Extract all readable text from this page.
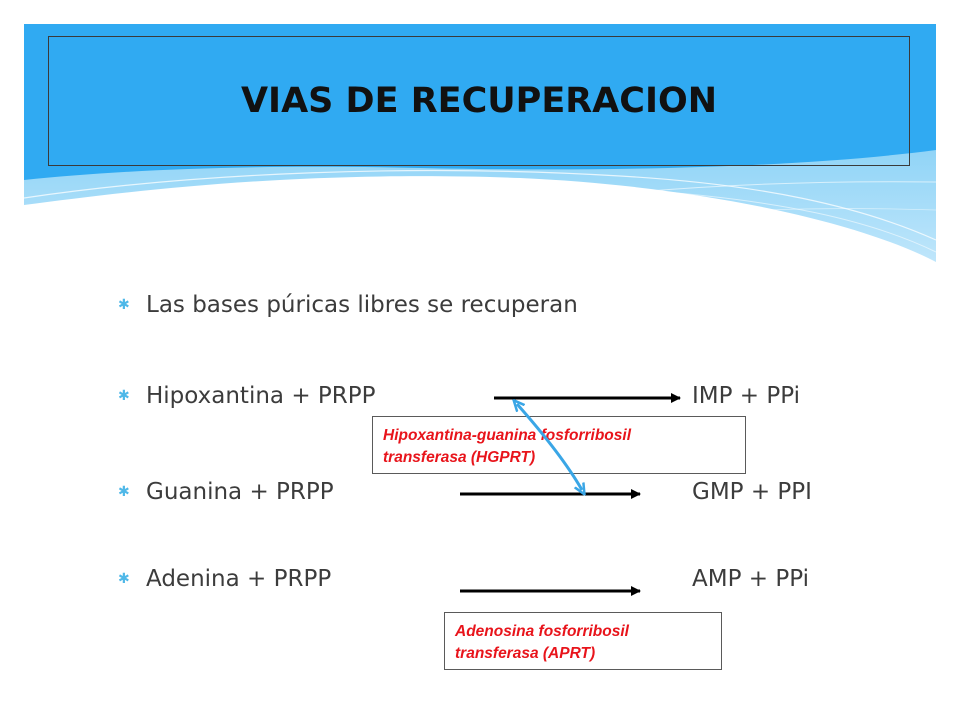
VIAS DE RECUPERACION
✱ Las bases púricas libres se recuperan
✱ Hipoxantina + PRPP	IMP + PPi
✱ Guanina + PRPP	GMP + PPI
✱ Adenina + PRPP	AMP + PPi
Hipoxantina-guanina fosforribosil
transferasa (HGPRT)
Adenosina fosforribosil
transferasa (APRT)
